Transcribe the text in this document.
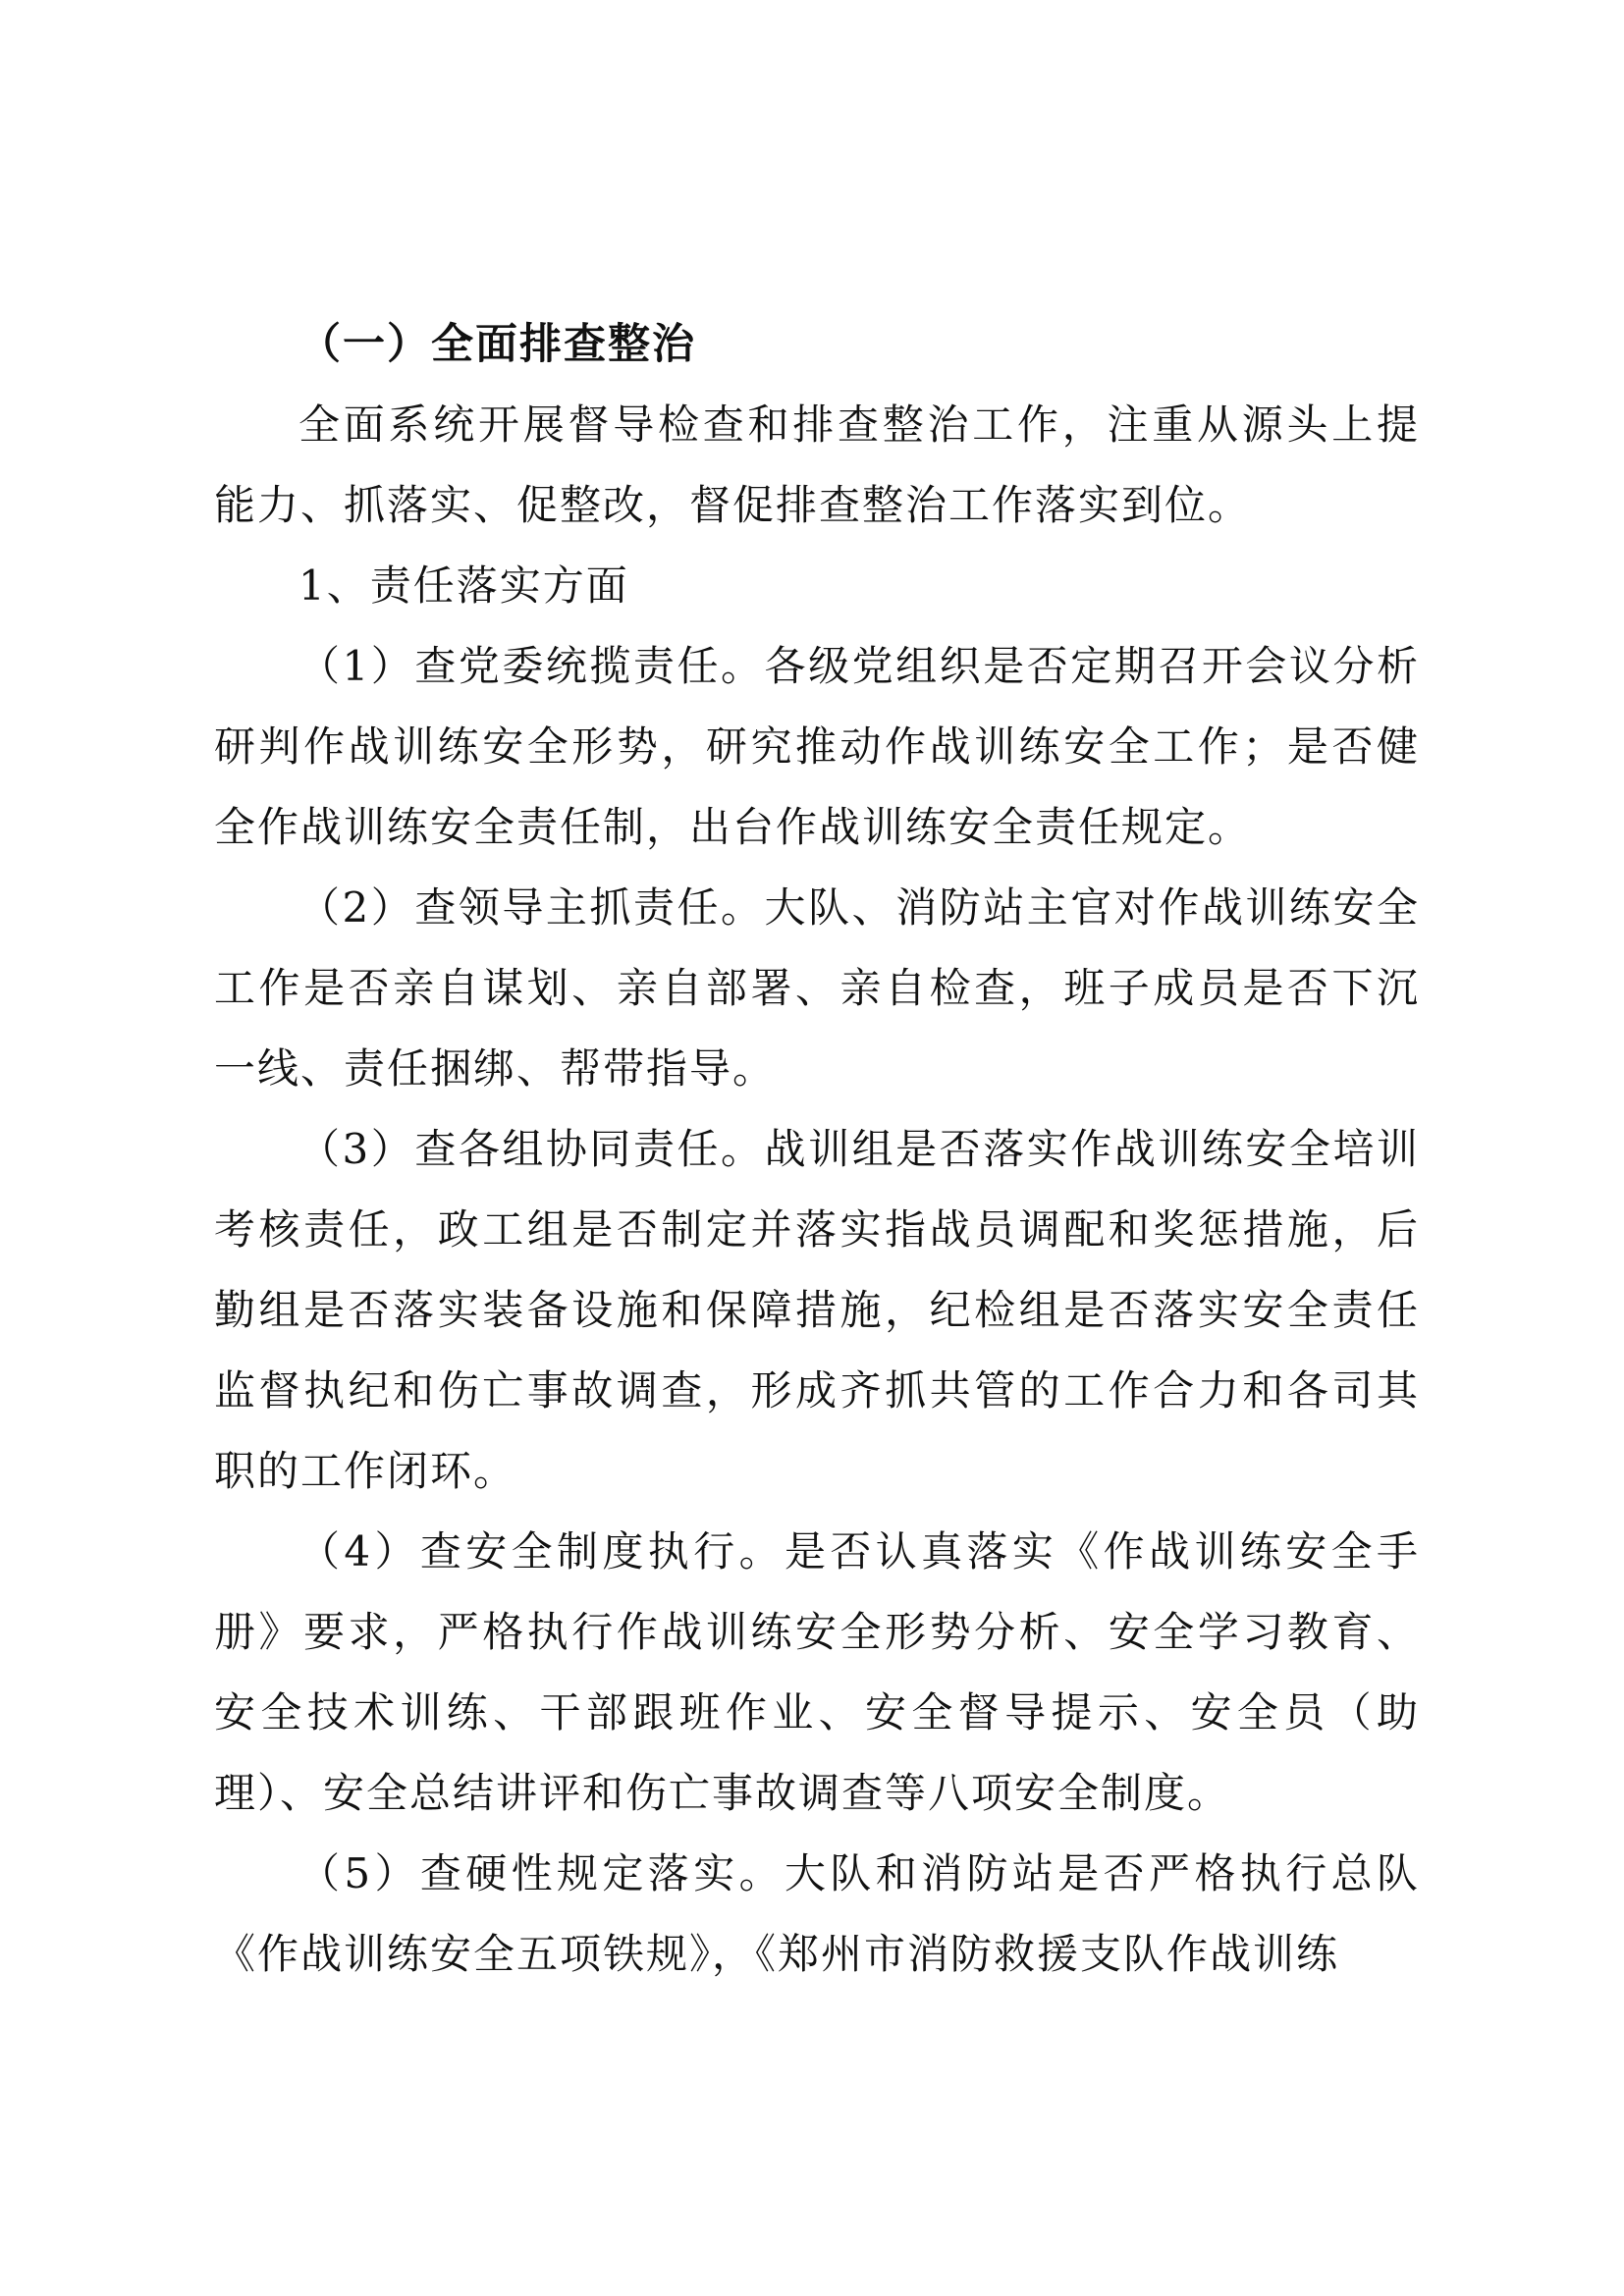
（一）全面排查整治

全面系统开展督导检查和排查整治工作，注重从源头上提能力、抓落实、促整改，督促排查整治工作落实到位。

1、责任落实方面

（1）查党委统揽责任。各级党组织是否定期召开会议分析研判作战训练安全形势，研究推动作战训练安全工作；是否健全作战训练安全责任制，出台作战训练安全责任规定。

（2）查领导主抓责任。大队、消防站主官对作战训练安全工作是否亲自谋划、亲自部署、亲自检查，班子成员是否下沉一线、责任捆绑、帮带指导。

（3）查各组协同责任。战训组是否落实作战训练安全培训考核责任，政工组是否制定并落实指战员调配和奖惩措施，后勤组是否落实装备设施和保障措施，纪检组是否落实安全责任监督执纪和伤亡事故调查，形成齐抓共管的工作合力和各司其职的工作闭环。

（4）查安全制度执行。是否认真落实《作战训练安全手册》要求，严格执行作战训练安全形势分析、安全学习教育、安全技术训练、干部跟班作业、安全督导提示、安全员（助理）、安全总结讲评和伤亡事故调查等八项安全制度。

（5）查硬性规定落实。大队和消防站是否严格执行总队《作战训练安全五项铁规》，《郑州市消防救援支队作战训练
